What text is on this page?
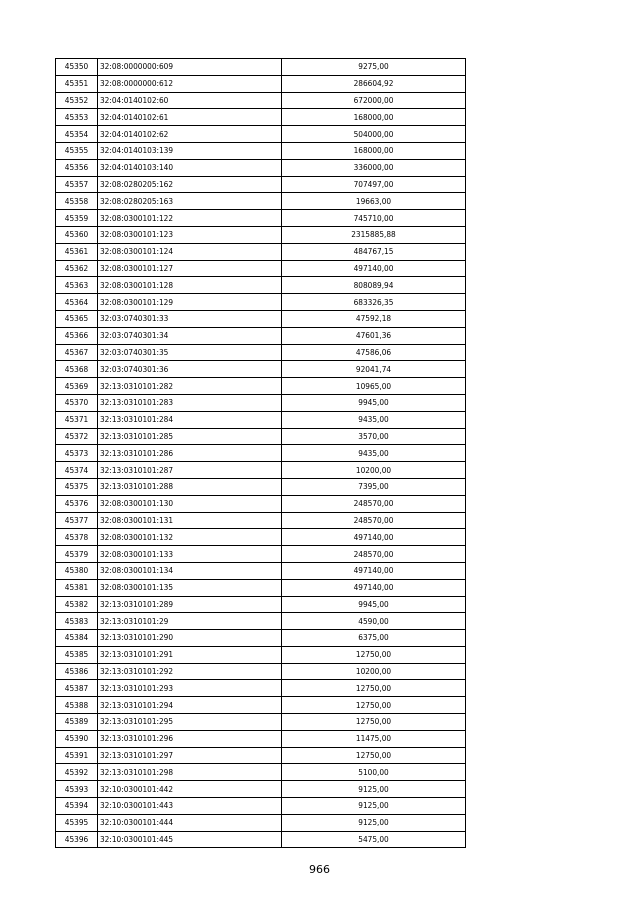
45350	32:08:0000000:609	9275,00
45351	32:08:0000000:612	286604,92
45352	32:04:0140102:60	672000,00
45353	32:04:0140102:61	168000,00
45354	32:04:0140102:62	504000,00
45355	32:04:0140103:139	168000,00
45356	32:04:0140103:140	336000,00
45357	32:08:0280205:162	707497,00
45358	32:08:0280205:163	19663,00
45359	32:08:0300101:122	745710,00
45360	32:08:0300101:123	2315885,88
45361	32:08:0300101:124	484767,15
45362	32:08:0300101:127	497140,00
45363	32:08:0300101:128	808089,94
45364	32:08:0300101:129	683326,35
45365	32:03:0740301:33	47592,18
45366	32:03:0740301:34	47601,36
45367	32:03:0740301:35	47586,06
45368	32:03:0740301:36	92041,74
45369	32:13:0310101:282	10965,00
45370	32:13:0310101:283	9945,00
45371	32:13:0310101:284	9435,00
45372	32:13:0310101:285	3570,00
45373	32:13:0310101:286	9435,00
45374	32:13:0310101:287	10200,00
45375	32:13:0310101:288	7395,00
45376	32:08:0300101:130	248570,00
45377	32:08:0300101:131	248570,00
45378	32:08:0300101:132	497140,00
45379	32:08:0300101:133	248570,00
45380	32:08:0300101:134	497140,00
45381	32:08:0300101:135	497140,00
45382	32:13:0310101:289	9945,00
45383	32:13:0310101:29	4590,00
45384	32:13:0310101:290	6375,00
45385	32:13:0310101:291	12750,00
45386	32:13:0310101:292	10200,00
45387	32:13:0310101:293	12750,00
45388	32:13:0310101:294	12750,00
45389	32:13:0310101:295	12750,00
45390	32:13:0310101:296	11475,00
45391	32:13:0310101:297	12750,00
45392	32:13:0310101:298	5100,00
45393	32:10:0300101:442	9125,00
45394	32:10:0300101:443	9125,00
45395	32:10:0300101:444	9125,00
45396	32:10:0300101:445	5475,00
966
